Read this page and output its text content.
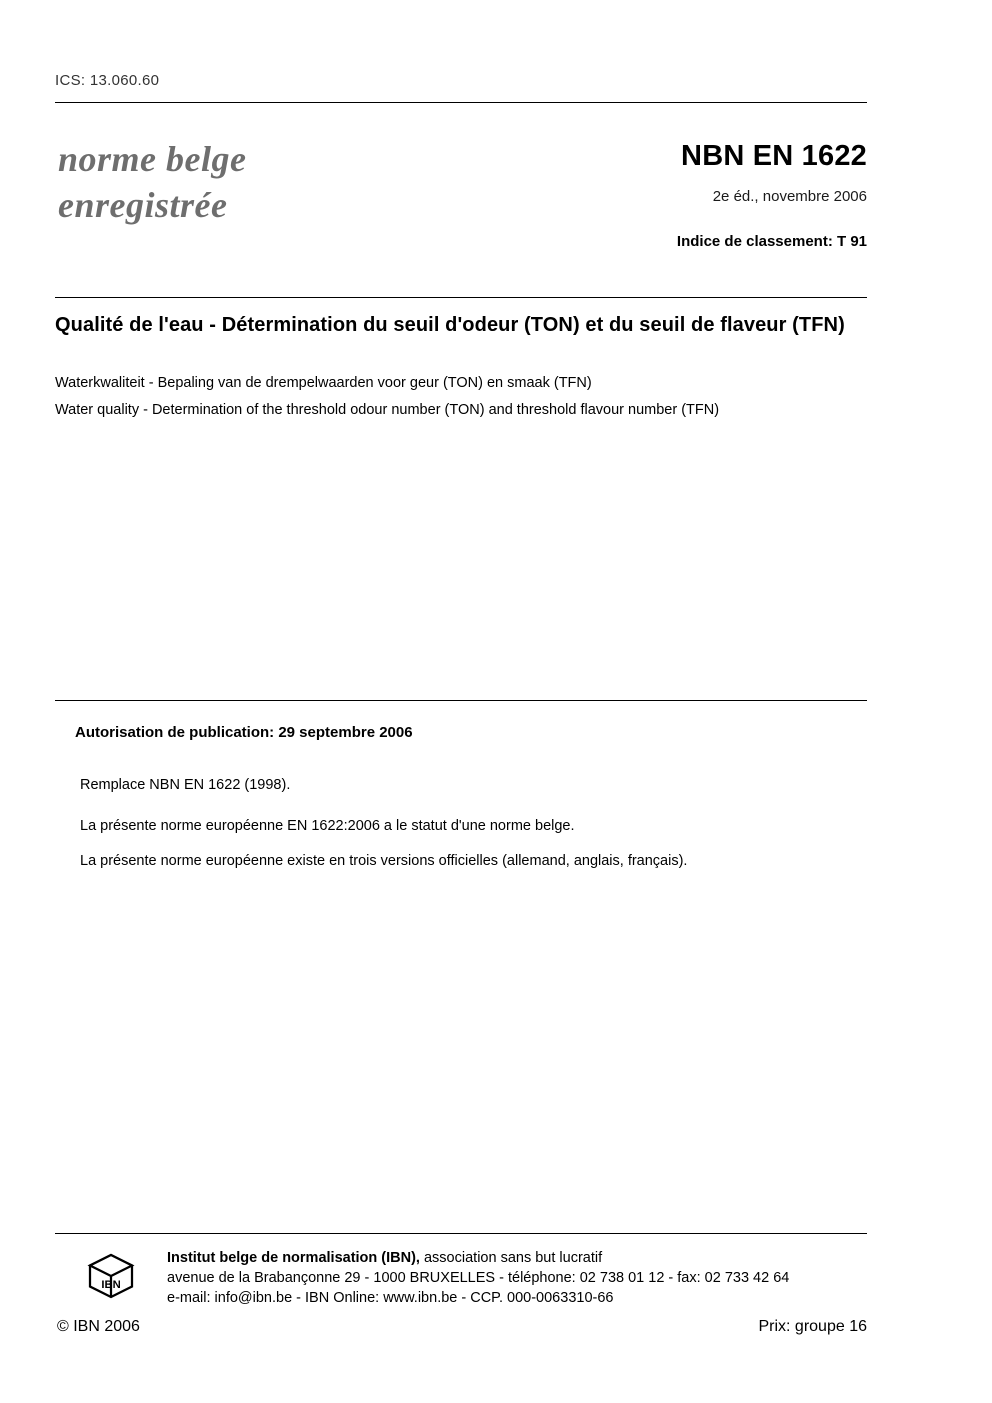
ICS: 13.060.60
norme belge
enregistrée
NBN EN 1622
2e éd., novembre 2006
Indice de classement: T 91
Qualité de l'eau - Détermination du seuil d'odeur (TON) et du seuil de flaveur (TFN)
Waterkwaliteit - Bepaling van de drempelwaarden voor geur (TON) en smaak (TFN)
Water quality - Determination of the threshold odour number (TON) and threshold flavour number (TFN)
Autorisation de publication: 29 septembre 2006
Remplace NBN EN 1622 (1998).
La présente norme européenne EN 1622:2006 a le statut d'une norme belge.
La présente norme européenne existe en trois versions officielles (allemand, anglais, français).
IBN
Institut belge de normalisation (IBN), association sans but lucratif
avenue de la Brabançonne 29 - 1000 BRUXELLES - téléphone: 02 738 01 12 - fax: 02 733 42 64
e-mail: info@ibn.be - IBN Online: www.ibn.be - CCP. 000-0063310-66
© IBN 2006	Prix: groupe 16
